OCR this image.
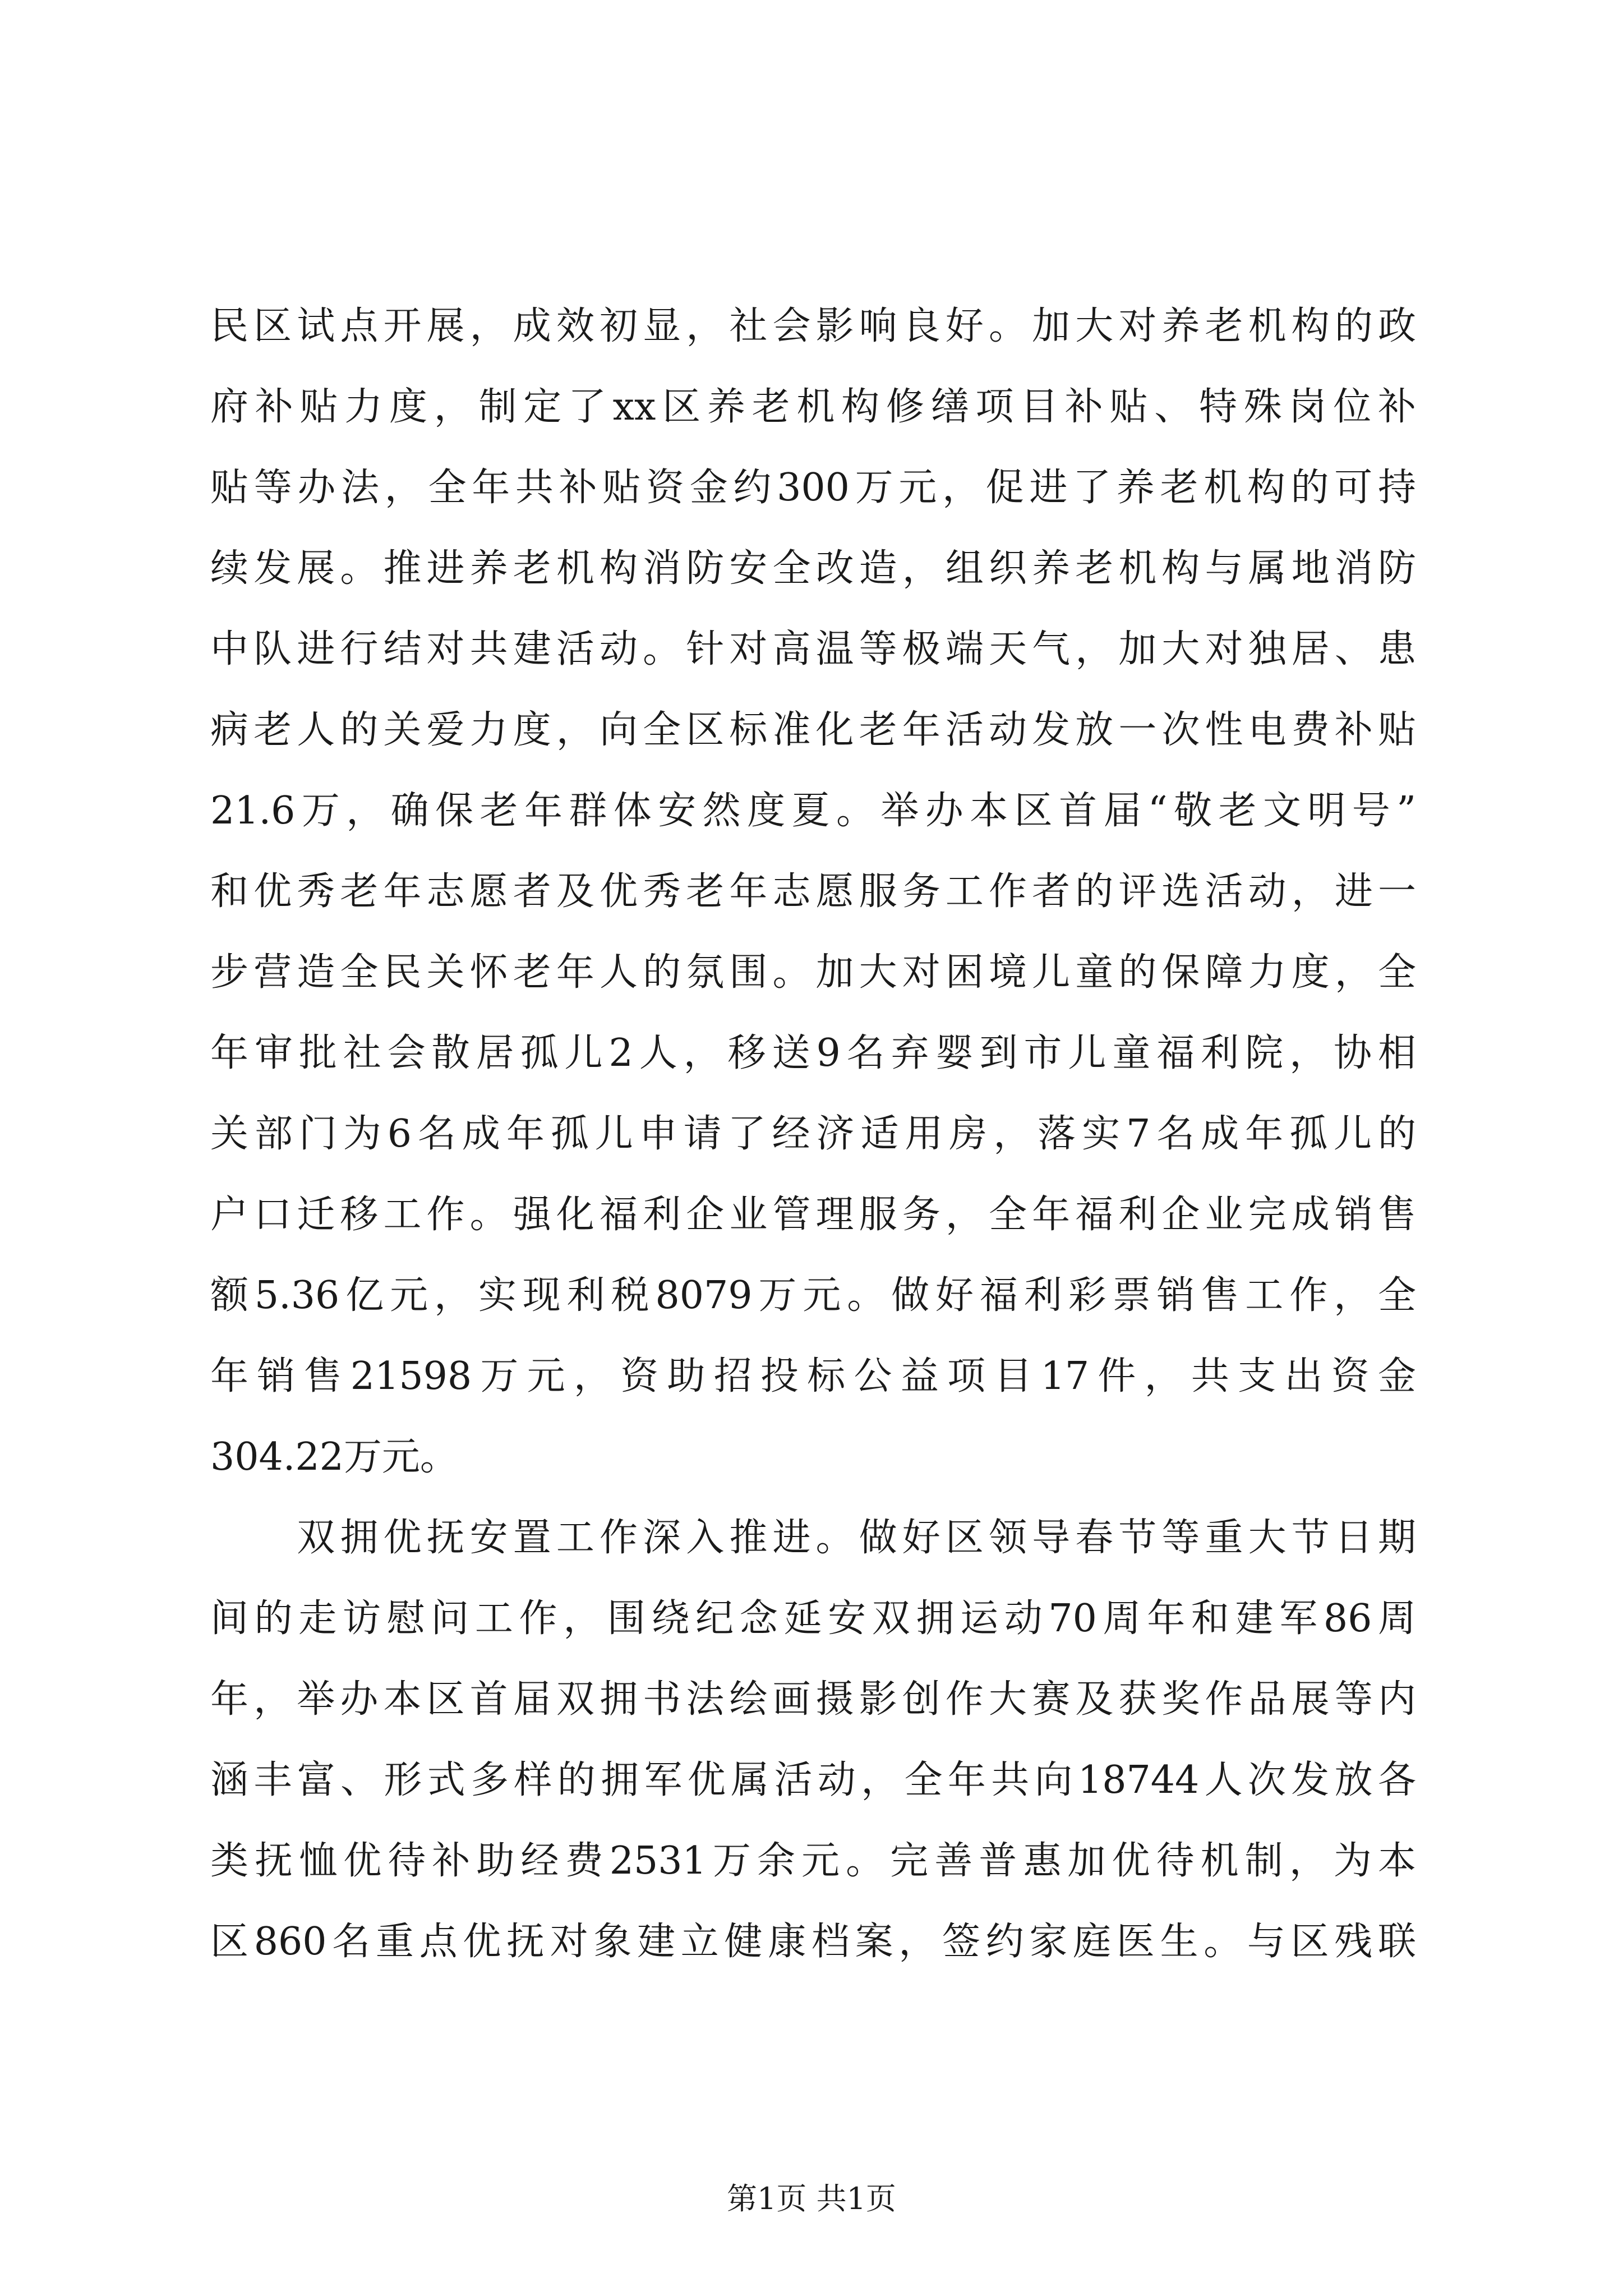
民区试点开展，成效初显，社会影响良好。加大对养老机构的政
府补贴力度，制定了xx区养老机构修缮项目补贴、特殊岗位补
贴等办法，全年共补贴资金约300万元，促进了养老机构的可持
续发展。推进养老机构消防安全改造，组织养老机构与属地消防
中队进行结对共建活动。针对高温等极端天气，加大对独居、患
病老人的关爱力度，向全区标准化老年活动发放一次性电费补贴
21.6万，确保老年群体安然度夏。举办本区首届“敬老文明号”
和优秀老年志愿者及优秀老年志愿服务工作者的评选活动，进一
步营造全民关怀老年人的氛围。加大对困境儿童的保障力度，全
年审批社会散居孤儿2人，移送9名弃婴到市儿童福利院，协相
关部门为6名成年孤儿申请了经济适用房，落实7名成年孤儿的
户口迁移工作。强化福利企业管理服务，全年福利企业完成销售
额5.36亿元，实现利税8079万元。做好福利彩票销售工作，全
年销售21598万元，资助招投标公益项目17件，共支出资金
304.22万元。
　　双拥优抚安置工作深入推进。做好区领导春节等重大节日期
间的走访慰问工作，围绕纪念延安双拥运动70周年和建军86周
年，举办本区首届双拥书法绘画摄影创作大赛及获奖作品展等内
涵丰富、形式多样的拥军优属活动，全年共向18744人次发放各
类抚恤优待补助经费2531万余元。完善普惠加优待机制，为本
区860名重点优抚对象建立健康档案，签约家庭医生。与区残联
第1页 共1页
